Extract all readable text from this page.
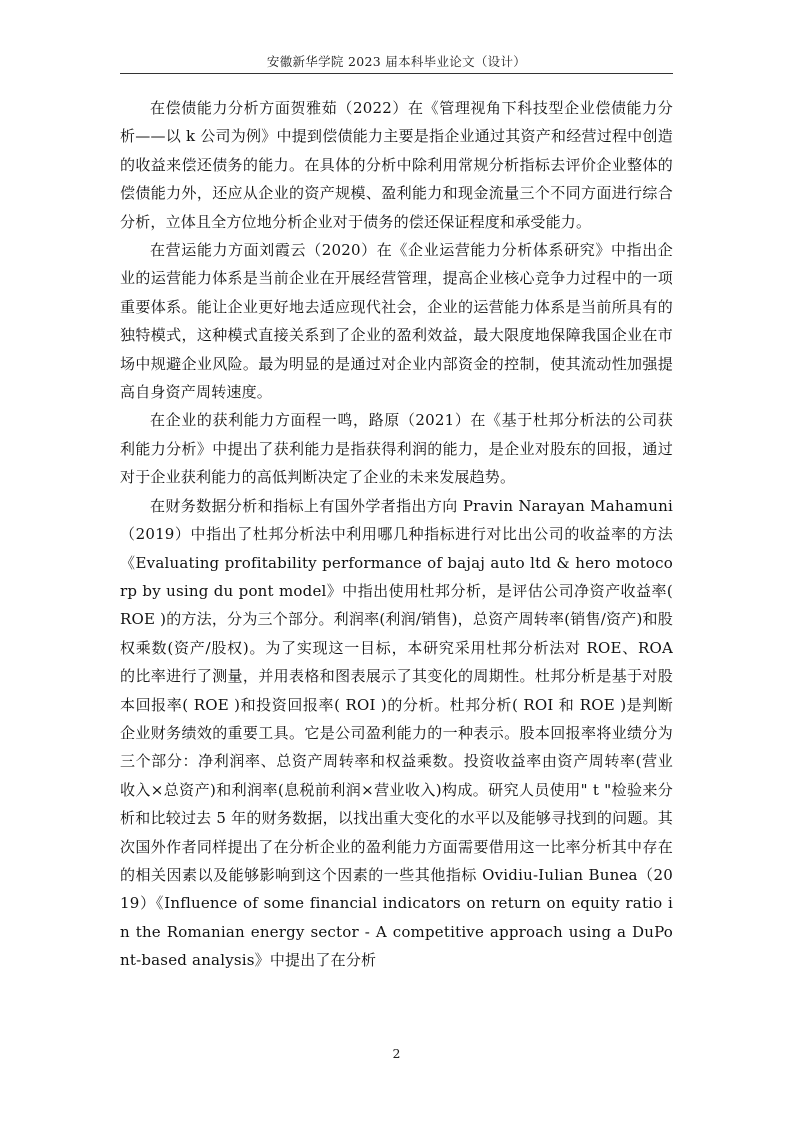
安徽新华学院 2023 届本科毕业论文（设计）

在偿债能力分析方面贺雅茹（2022）在《管理视角下科技型企业偿债能力分析——以 k 公司为例》中提到偿债能力主要是指企业通过其资产和经营过程中创造的收益来偿还债务的能力。在具体的分析中除利用常规分析指标去评价企业整体的偿债能力外，还应从企业的资产规模、盈利能力和现金流量三个不同方面进行综合分析，立体且全方位地分析企业对于债务的偿还保证程度和承受能力。

在营运能力方面刘霞云（2020）在《企业运营能力分析体系研究》中指出企业的运营能力体系是当前企业在开展经营管理，提高企业核心竞争力过程中的一项重要体系。能让企业更好地去适应现代社会，企业的运营能力体系是当前所具有的独特模式，这种模式直接关系到了企业的盈利效益，最大限度地保障我国企业在市场中规避企业风险。最为明显的是通过对企业内部资金的控制，使其流动性加强提高自身资产周转速度。

在企业的获利能力方面程一鸣，路原（2021）在《基于杜邦分析法的公司获利能力分析》中提出了获利能力是指获得利润的能力，是企业对股东的回报，通过对于企业获利能力的高低判断决定了企业的未来发展趋势。

在财务数据分析和指标上有国外学者指出方向 Pravin Narayan Mahamuni（2019）中指出了杜邦分析法中利用哪几种指标进行对比出公司的收益率的方法《Evaluating profitability performance of bajaj auto ltd & hero motocorp by using du pont model》中指出使用杜邦分析，是评估公司净资产收益率( ROE )的方法，分为三个部分。利润率(利润/销售)，总资产周转率(销售/资产)和股权乘数(资产/股权)。为了实现这一目标，本研究采用杜邦分析法对 ROE、ROA 的比率进行了测量，并用表格和图表展示了其变化的周期性。杜邦分析是基于对股本回报率( ROE )和投资回报率( ROI )的分析。杜邦分析( ROI 和 ROE )是判断企业财务绩效的重要工具。它是公司盈利能力的一种表示。股本回报率将业绩分为三个部分：净利润率、总资产周转率和权益乘数。投资收益率由资产周转率(营业收入×总资产)和利润率(息税前利润×营业收入)构成。研究人员使用" t "检验来分析和比较过去 5 年的财务数据，以找出重大变化的水平以及能够寻找到的问题。其次国外作者同样提出了在分析企业的盈利能力方面需要借用这一比率分析其中存在的相关因素以及能够影响到这个因素的一些其他指标 Ovidiu-Iulian Bunea（2019）《Influence of some financial indicators on return on equity ratio in the Romanian energy sector - A competitive approach using a DuPont-based analysis》中提出了在分析

2
